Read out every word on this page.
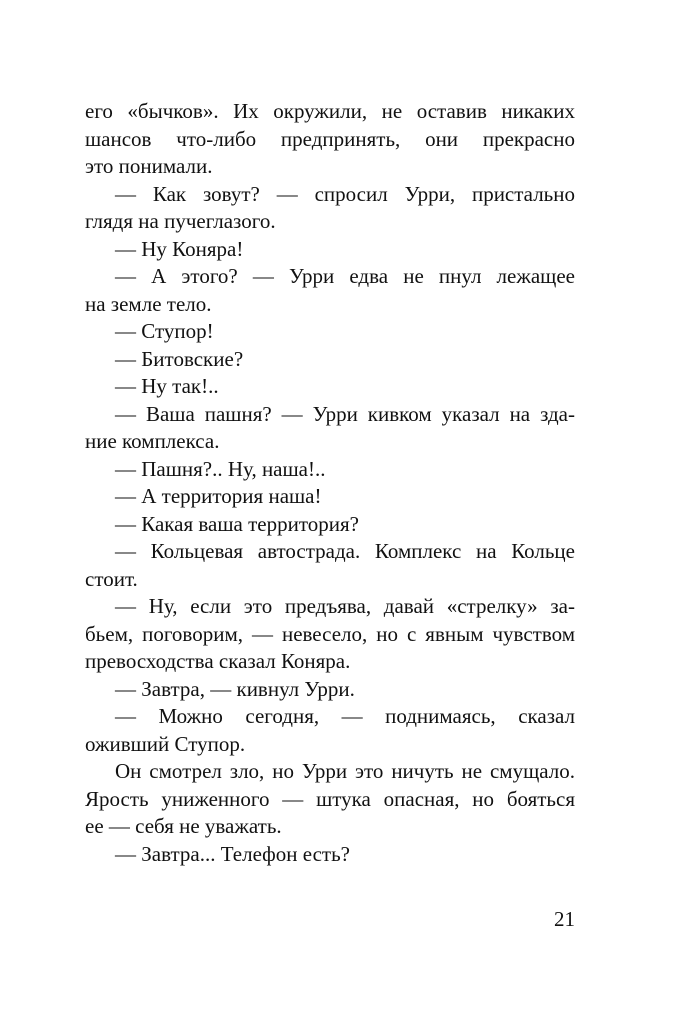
его «бычков». Их окружили, не оставив никаких
шансов что-либо предпринять, они прекрасно
это понимали.
— Как зовут? — спросил Урри, пристально
глядя на пучеглазого.
— Ну Коняра!
— А этого? — Урри едва не пнул лежащее
на земле тело.
— Ступор!
— Битовские?
— Ну так!..
— Ваша пашня? — Урри кивком указал на зда-
ние комплекса.
— Пашня?.. Ну, наша!..
— А территория наша!
— Какая ваша территория?
— Кольцевая автострада. Комплекс на Кольце
стоит.
— Ну, если это предъява, давай «стрелку» за-
бьем, поговорим, — невесело, но с явным чувством
превосходства сказал Коняра.
— Завтра, — кивнул Урри.
— Можно сегодня, — поднимаясь, сказал
оживший Ступор.
Он смотрел зло, но Урри это ничуть не смущало.
Ярость униженного — штука опасная, но бояться
ее — себя не уважать.
— Завтра... Телефон есть?
21
